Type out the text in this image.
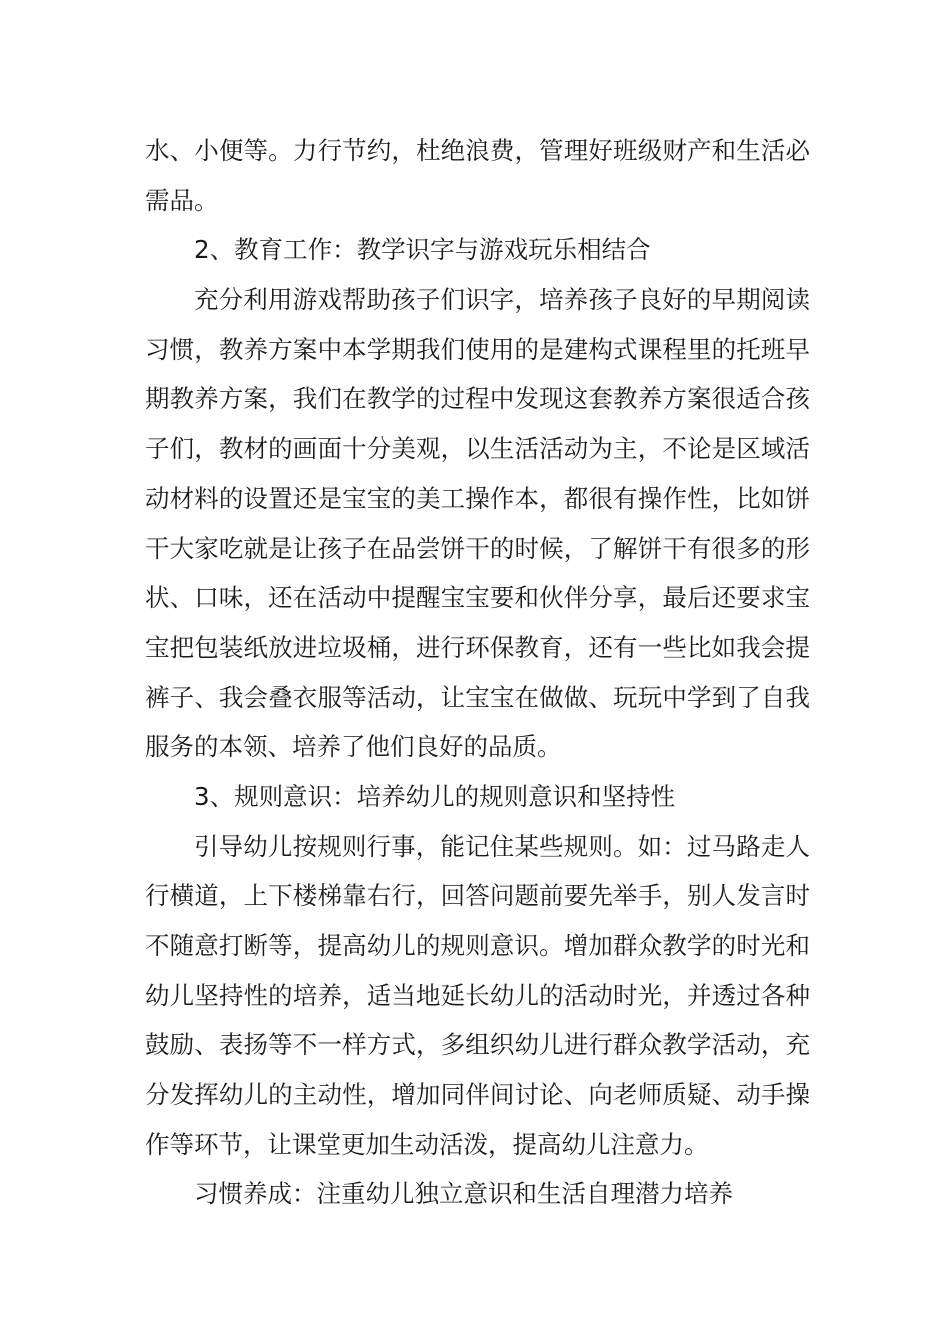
水、小便等。力行节约，杜绝浪费，管理好班级财产和生活必
需品。
2、教育工作：教学识字与游戏玩乐相结合
充分利用游戏帮助孩子们识字，培养孩子良好的早期阅读
习惯，教养方案中本学期我们使用的是建构式课程里的托班早
期教养方案，我们在教学的过程中发现这套教养方案很适合孩
子们，教材的画面十分美观，以生活活动为主，不论是区域活
动材料的设置还是宝宝的美工操作本，都很有操作性，比如饼
干大家吃就是让孩子在品尝饼干的时候，了解饼干有很多的形
状、口味，还在活动中提醒宝宝要和伙伴分享，最后还要求宝
宝把包装纸放进垃圾桶，进行环保教育，还有一些比如我会提
裤子、我会叠衣服等活动，让宝宝在做做、玩玩中学到了自我
服务的本领、培养了他们良好的品质。
3、规则意识：培养幼儿的规则意识和坚持性
引导幼儿按规则行事，能记住某些规则。如：过马路走人
行横道，上下楼梯靠右行，回答问题前要先举手，别人发言时
不随意打断等，提高幼儿的规则意识。增加群众教学的时光和
幼儿坚持性的培养，适当地延长幼儿的活动时光，并透过各种
鼓励、表扬等不一样方式，多组织幼儿进行群众教学活动，充
分发挥幼儿的主动性，增加同伴间讨论、向老师质疑、动手操
作等环节，让课堂更加生动活泼，提高幼儿注意力。
习惯养成：注重幼儿独立意识和生活自理潜力培养
